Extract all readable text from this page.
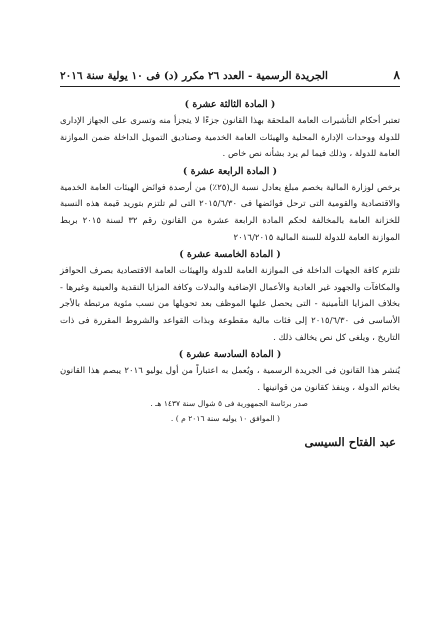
٨
الجريدة الرسمية - العدد ٢٦ مكرر (د) فى ١٠ يولية سنة ٢٠١٦

( المادة الثالثة عشرة )

تعتبر أحكام التأشيرات العامة الملحقة بهذا القانون جزءًا لا يتجزأ منه وتسرى على الجهاز الإدارى للدولة ووحدات الإدارة المحلية والهيئات العامة الخدمية وصناديق التمويل الداخلة ضمن الموازنة العامة للدولة ، وذلك فيما لم يرد بشأنه نص خاص .

( المادة الرابعة عشرة )

يرخص لوزارة المالية بخصم مبلغ يعادل نسبة ال(٢٥٪) من أرصدة فوائض الهيئات العامة الخدمية والاقتصادية والقومية التى ترحل فوائضها فى ٢٠١٥/٦/٣٠ التى لم تلتزم بتوريد قيمة هذه النسبة للخزانة العامة بالمخالفة لحكم المادة الرابعة عشرة من القانون رقم ٣٢ لسنة ٢٠١٥ بربط الموازنة العامة للدولة للسنة المالية ٢٠١٦/٢٠١٥

( المادة الخامسة عشرة )

تلتزم كافة الجهات الداخلة فى الموازنة العامة للدولة والهيئات العامة الاقتصادية بصرف الحوافز والمكافآت والجهود غير العادية والأعمال الإضافية والبدلات وكافة المزايا النقدية والعينية وغيرها - بخلاف المزايا التأمينية - التى يحصل عليها الموظف بعد تحويلها من نسب مئوية مرتبطة بالأجر الأساسى فى ٢٠١٥/٦/٣٠ إلى فئات مالية مقطوعة وبذات القواعد والشروط المقررة فى ذات التاريخ ، ويلغى كل نص يخالف ذلك .

( المادة السادسة عشرة )

يُنشر هذا القانون فى الجريدة الرسمية ، ويُعمل به اعتباراً من أول يوليو ٢٠١٦ يبصم هذا القانون بخاتم الدولة ، وينفذ كقانون من قوانينها .

صدر برئاسة الجمهورية فى ٥ شوال سنة ١٤٣٧ هـ .
( الموافق ١٠ يوليه سنة ٢٠١٦ م ) .
عبد الفتاح السيسى
